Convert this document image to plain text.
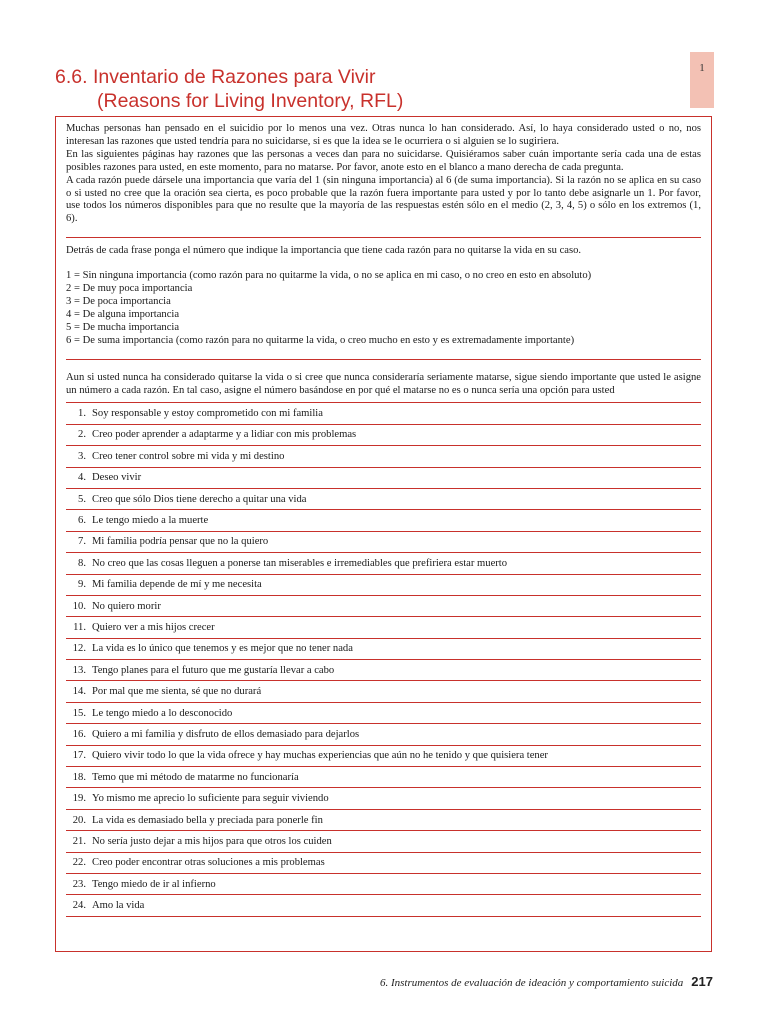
6.6. Inventario de Razones para Vivir
(Reasons for Living Inventory, RFL)
1

Muchas personas han pensado en el suicidio por lo menos una vez. Otras nunca lo han considerado. Así, lo haya considerado usted o no, nos interesan las razones que usted tendría para no suicidarse, si es que la idea se le ocurriera o si alguien se lo sugiriera.

En las siguientes páginas hay razones que las personas a veces dan para no suicidarse. Quisiéramos saber cuán importante sería cada una de estas posibles razones para usted, en este momento, para no matarse. Por favor, anote esto en el blanco a mano derecha de cada pregunta.

A cada razón puede dársele una importancia que varía del 1 (sin ninguna importancia) al 6 (de suma importancia). Si la razón no se aplica en su caso o si usted no cree que la oración sea cierta, es poco probable que la razón fuera importante para usted y por lo tanto debe asignarle un 1. Por favor, use todos los números disponibles para que no resulte que la mayoría de las respuestas estén sólo en el medio (2, 3, 4, 5) o sólo en los extremos (1, 6).

Detrás de cada frase ponga el número que indique la importancia que tiene cada razón para no quitarse la vida en su caso.

1 = Sin ninguna importancia (como razón para no quitarme la vida, o no se aplica en mi caso, o no creo en esto en absoluto)
2 = De muy poca importancia
3 = De poca importancia
4 = De alguna importancia
5 = De mucha importancia
6 = De suma importancia (como razón para no quitarme la vida, o creo mucho en esto y es extremadamente importante)

Aun si usted nunca ha considerado quitarse la vida o si cree que nunca consideraría seriamente matarse, sigue siendo importante que usted le asigne un número a cada razón. En tal caso, asigne el número basándose en por qué el matarse no es o nunca sería una opción para usted

1. Soy responsable y estoy comprometido con mi familia
2. Creo poder aprender a adaptarme y a lidiar con mis problemas
3. Creo tener control sobre mi vida y mi destino
4. Deseo vivir
5. Creo que sólo Dios tiene derecho a quitar una vida
6. Le tengo miedo a la muerte
7. Mi familia podría pensar que no la quiero
8. No creo que las cosas lleguen a ponerse tan miserables e irremediables que prefiriera estar muerto
9. Mi familia depende de mí y me necesita
10. No quiero morir
11. Quiero ver a mis hijos crecer
12. La vida es lo único que tenemos y es mejor que no tener nada
13. Tengo planes para el futuro que me gustaría llevar a cabo
14. Por mal que me sienta, sé que no durará
15. Le tengo miedo a lo desconocido
16. Quiero a mi familia y disfruto de ellos demasiado para dejarlos
17. Quiero vivir todo lo que la vida ofrece y hay muchas experiencias que aún no he tenido y que quisiera tener
18. Temo que mi método de matarme no funcionaría
19. Yo mismo me aprecio lo suficiente para seguir viviendo
20. La vida es demasiado bella y preciada para ponerle fin
21. No sería justo dejar a mis hijos para que otros los cuiden
22. Creo poder encontrar otras soluciones a mis problemas
23. Tengo miedo de ir al infierno
24. Amo la vida
6. Instrumentos de evaluación de ideación y comportamiento suicida 217
